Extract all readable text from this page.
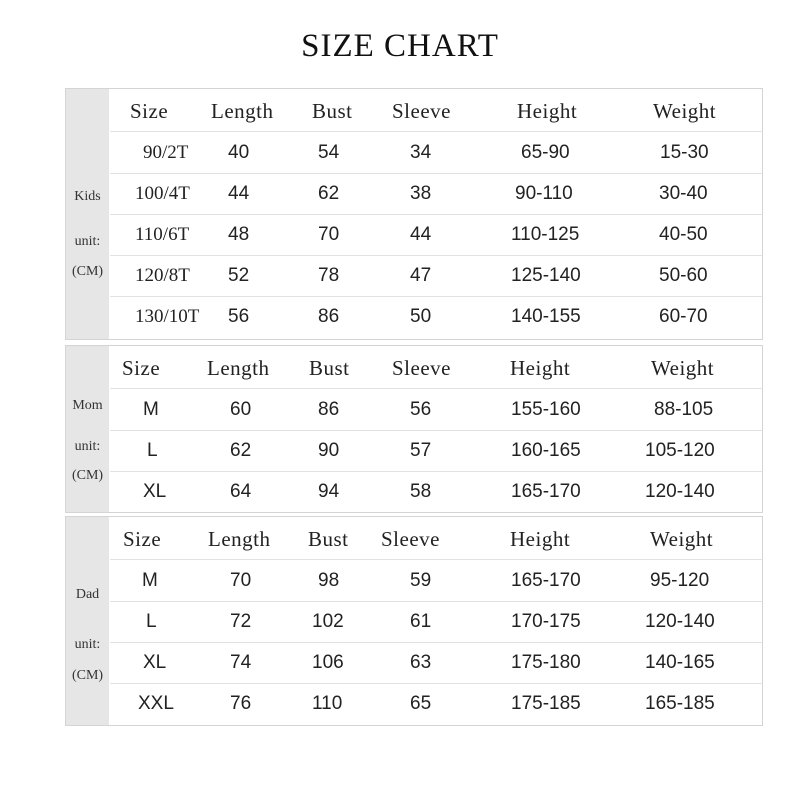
SIZE CHART
Kids
unit:
(CM)
Size Length Bust Sleeve	Height	Weight
90/2T 40	54	34	65-90	15-30
100/4T 44	62	38	90-110	30-40
110/6T 48	70	44	110-125	40-50
120/8T 52	78	47	125-140	50-60
130/10T 56	86	50	140-155	60-70
Mom
unit:
(CM)
Size Length Bust Sleeve	Height	Weight
M	60	86	56	155-160	88-105
L	62	90	57	160-165	105-120
XL	64	94	58	165-170	120-140
Dad
unit:
(CM)
Size Length Bust Sleeve	Height	Weight
M	70	98	59	165-170	95-120
L	72	102	61	170-175	120-140
XL	74	106	63	175-180	140-165
XXL	76	110	65	175-185	165-185
